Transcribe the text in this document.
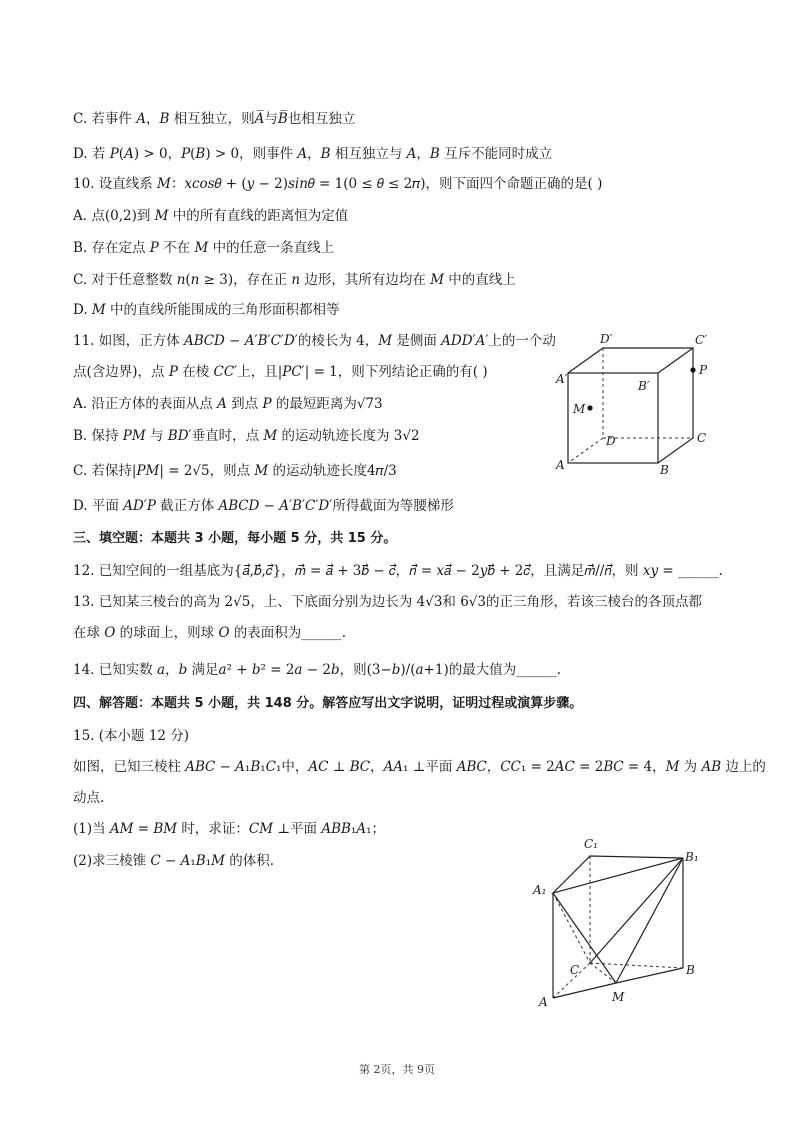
C. 若事件 𝐴，𝐵 相互独立，则𝐴̅与𝐵̅也相互独立
D. 若 𝑃(𝐴) > 0，𝑃(𝐵) > 0，则事件 𝐴，𝐵 相互独立与 𝐴，𝐵 互斥不能同时成立
10. 设直线系 𝑀：𝑥𝑐𝑜𝑠𝜃 + (𝑦 − 2)𝑠𝑖𝑛𝜃 = 1(0 ≤ 𝜃 ≤ 2𝜋)，则下面四个命题正确的是( )
A. 点(0,2)到 𝑀 中的所有直线的距离恒为定值
B. 存在定点 𝑃 不在 𝑀 中的任意一条直线上
C. 对于任意整数 𝑛(𝑛 ≥ 3)，存在正 𝑛 边形，其所有边均在 𝑀 中的直线上
D. 𝑀 中的直线所能围成的三角形面积都相等
11. 如图，正方体 𝐴𝐵𝐶𝐷 − 𝐴′𝐵′𝐶′𝐷′的棱长为 4，𝑀 是侧面 𝐴𝐷𝐷′𝐴′上的一个动
点(含边界)，点 𝑃 在棱 𝐶𝐶′上，且|𝑃𝐶′| = 1，则下列结论正确的有( )
A. 沿正方体的表面从点 𝐴 到点 𝑃 的最短距离为√73
B. 保持 𝑃𝑀 与 𝐵𝐷′垂直时，点 𝑀 的运动轨迹长度为 3√2
C. 若保持|𝑃𝑀| = 2√5，则点 𝑀 的运动轨迹长度4𝜋/3
D. 平面 𝐴𝐷′𝑃 截正方体 𝐴𝐵𝐶𝐷 − 𝐴′𝐵′𝐶′𝐷′所得截面为等腰梯形
三、填空题：本题共 3 小题，每小题 5 分，共 15 分。
12. 已知空间的一组基底为{𝑎⃗,𝑏⃗,𝑐⃗}，𝑚⃗ = 𝑎⃗ + 3𝑏⃗ − 𝑐⃗，𝑛⃗ = 𝑥𝑎⃗ − 2𝑦𝑏⃗ + 2𝑐⃗，且满足𝑚⃗//𝑛⃗，则 𝑥𝑦 = ______.
13. 已知某三棱台的高为 2√5，上、下底面分别为边长为 4√3和 6√3的正三角形，若该三棱台的各顶点都
在球 𝑂 的球面上，则球 𝑂 的表面积为______.
14. 已知实数 𝑎，𝑏 满足𝑎² + 𝑏² = 2𝑎 − 2𝑏，则(3−𝑏)/(𝑎+1)的最大值为______.
四、解答题：本题共 5 小题，共 148 分。解答应写出文字说明，证明过程或演算步骤。
15. (本小题 12 分)
如图，已知三棱柱 𝐴𝐵𝐶 − 𝐴₁𝐵₁𝐶₁中，𝐴𝐶 ⊥ 𝐵𝐶，𝐴𝐴₁ ⊥平面 𝐴𝐵𝐶，𝐶𝐶₁ = 2𝐴𝐶 = 2𝐵𝐶 = 4，𝑀 为 𝐴𝐵 边上的
动点.
(1)当 𝐴𝑀 = 𝐵𝑀 时，求证：𝐶𝑀 ⊥平面 𝐴𝐵𝐵₁𝐴₁；
(2)求三棱锥 𝐶 − 𝐴₁𝐵₁𝑀 的体积.
D′	C′
A′	B′
P
M
D	C
A	B
C₁
B₁
A₁
C	B
A	M
第 2页，共 9页
